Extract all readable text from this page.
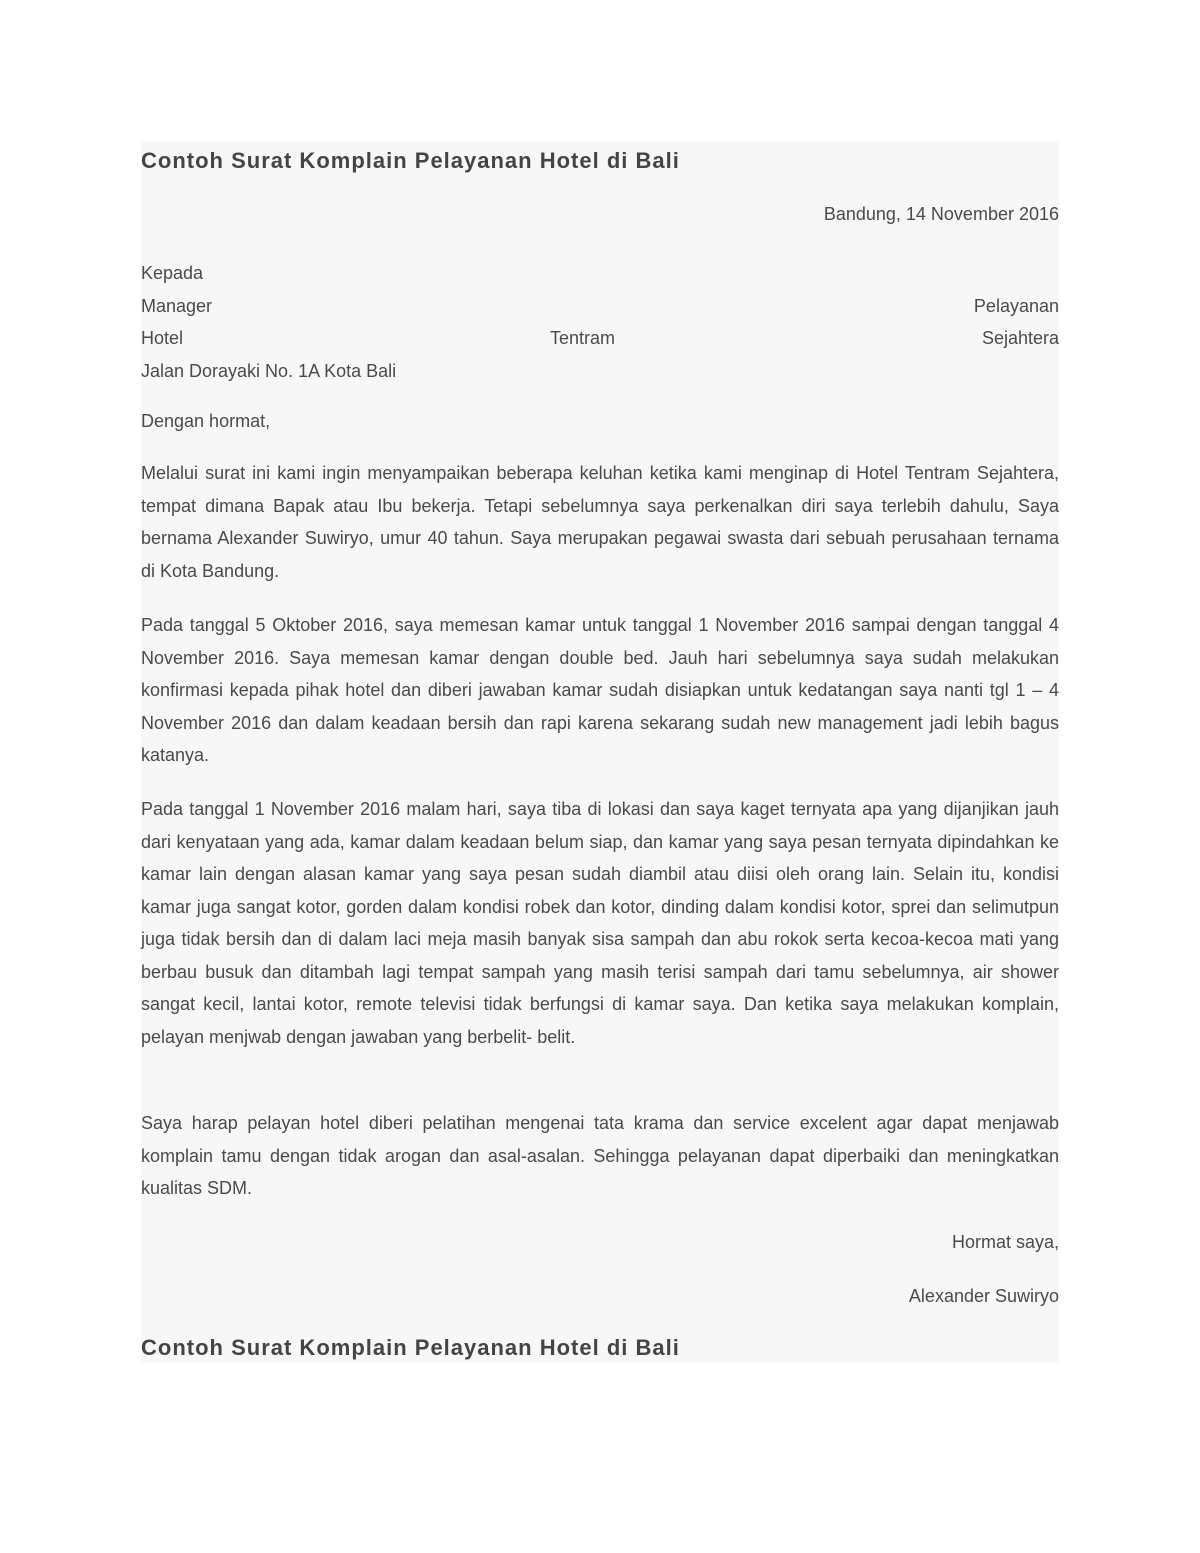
Contoh Surat Komplain Pelayanan Hotel di Bali
Bandung, 14 November 2016
Kepada
Manager	Pelayanan
Hotel	Tentram	Sejahtera
Jalan Dorayaki No. 1A Kota Bali
Dengan hormat,

Melalui surat ini kami ingin menyampaikan beberapa keluhan ketika kami menginap di Hotel Tentram Sejahtera, tempat dimana Bapak atau Ibu bekerja. Tetapi sebelumnya saya perkenalkan diri saya terlebih dahulu, Saya bernama Alexander Suwiryo, umur 40 tahun. Saya merupakan pegawai swasta dari sebuah perusahaan ternama di Kota Bandung.

Pada tanggal 5 Oktober 2016, saya memesan kamar untuk tanggal 1 November 2016 sampai dengan tanggal 4 November 2016. Saya memesan kamar dengan double bed. Jauh hari sebelumnya saya sudah melakukan konfirmasi kepada pihak hotel dan diberi jawaban kamar sudah disiapkan untuk kedatangan saya nanti tgl 1 – 4 November 2016 dan dalam keadaan bersih dan rapi karena sekarang sudah new management jadi lebih bagus katanya.

Pada tanggal 1 November 2016 malam hari, saya tiba di lokasi dan saya kaget ternyata apa yang dijanjikan jauh dari kenyataan yang ada, kamar dalam keadaan belum siap, dan kamar yang saya pesan ternyata dipindahkan ke kamar lain dengan alasan kamar yang saya pesan sudah diambil atau diisi oleh orang lain. Selain itu, kondisi kamar juga sangat kotor, gorden dalam kondisi robek dan kotor, dinding dalam kondisi kotor, sprei dan selimutpun juga tidak bersih dan di dalam laci meja masih banyak sisa sampah dan abu rokok serta kecoa-kecoa mati yang berbau busuk dan ditambah lagi tempat sampah yang masih terisi sampah dari tamu sebelumnya, air shower sangat kecil, lantai kotor, remote televisi tidak berfungsi di kamar saya. Dan ketika saya melakukan komplain, pelayan menjwab dengan jawaban yang berbelit- belit.

Saya harap pelayan hotel diberi pelatihan mengenai tata krama dan service excelent agar dapat menjawab komplain tamu dengan tidak arogan dan asal-asalan. Sehingga pelayanan dapat diperbaiki dan meningkatkan kualitas SDM.

Hormat saya,
Alexander Suwiryo
Contoh Surat Komplain Pelayanan Hotel di Bali
